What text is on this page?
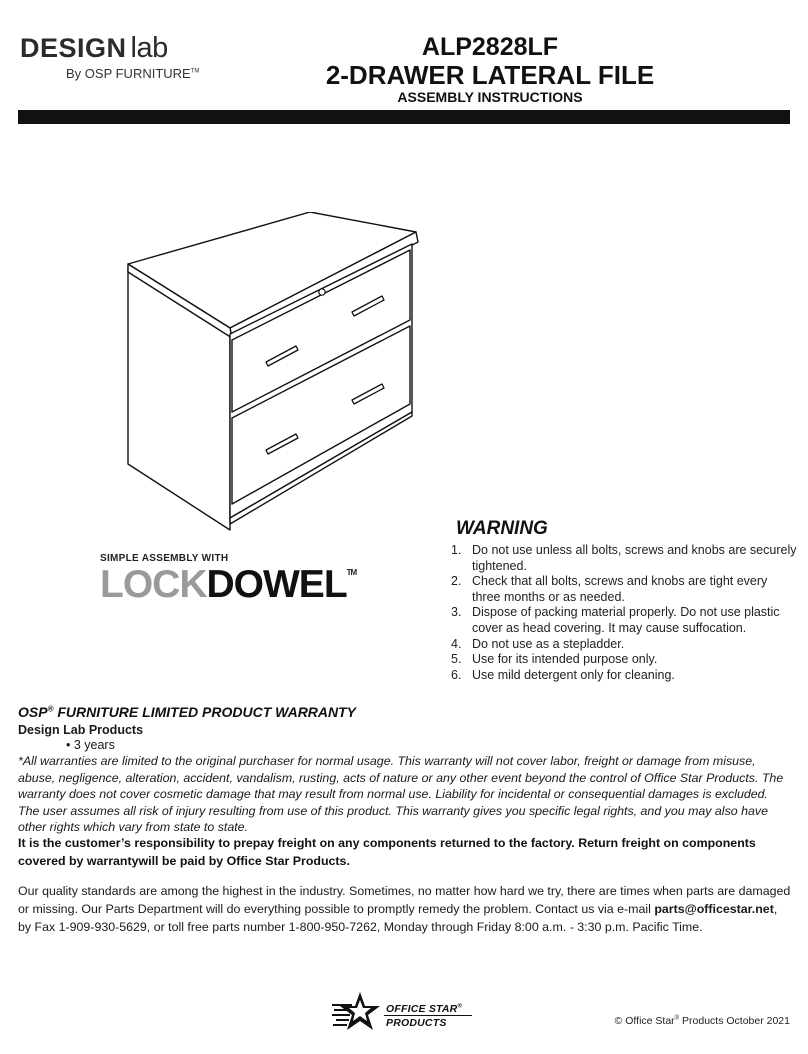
DESIGN lab
By OSP FURNITURE™
ALP2828LF
2-DRAWER LATERAL FILE
ASSEMBLY INSTRUCTIONS
SIMPLE ASSEMBLY WITH
LOCK DOWEL TM
WARNING
1. Do not use unless all bolts, screws and knobs are securely tightened.
2. Check that all bolts, screws and knobs are tight every three months or as needed.
3. Dispose of packing material properly. Do not use plastic cover as head covering. It may cause suffocation.
4. Do not use as a stepladder.
5. Use for its intended purpose only.
6. Use mild detergent only for cleaning.
OSP® FURNITURE LIMITED PRODUCT WARRANTY
Design Lab Products
• 3 years
*All warranties are limited to the original purchaser for normal usage. This warranty will not cover labor, freight or damage from misuse, abuse, negligence, alteration, accident, vandalism, rusting, acts of nature or any other event beyond the control of Office Star Products. The warranty does not cover cosmetic damage that may result from normal use. Liability for incidental or consequential damages is excluded. The user assumes all risk of injury resulting from use of this product. This warranty gives you specific legal rights, and you may also have other rights which vary from state to state.
It is the customer’s responsibility to prepay freight on any components returned to the factory. Return freight on components covered by warrantywill be paid by Office Star Products.
Our quality standards are among the highest in the industry. Sometimes, no matter how hard we try, there are times when parts are damaged or missing. Our Parts Department will do everything possible to promptly remedy the problem. Contact us via e-mail parts@officestar.net, by Fax 1-909-930-5629, or toll free parts number 1-800-950-7262, Monday through Friday 8:00 a.m. - 3:30 p.m. Pacific Time.
OFFICE STAR®
PRODUCTS	© Office Star® Products October 2021
